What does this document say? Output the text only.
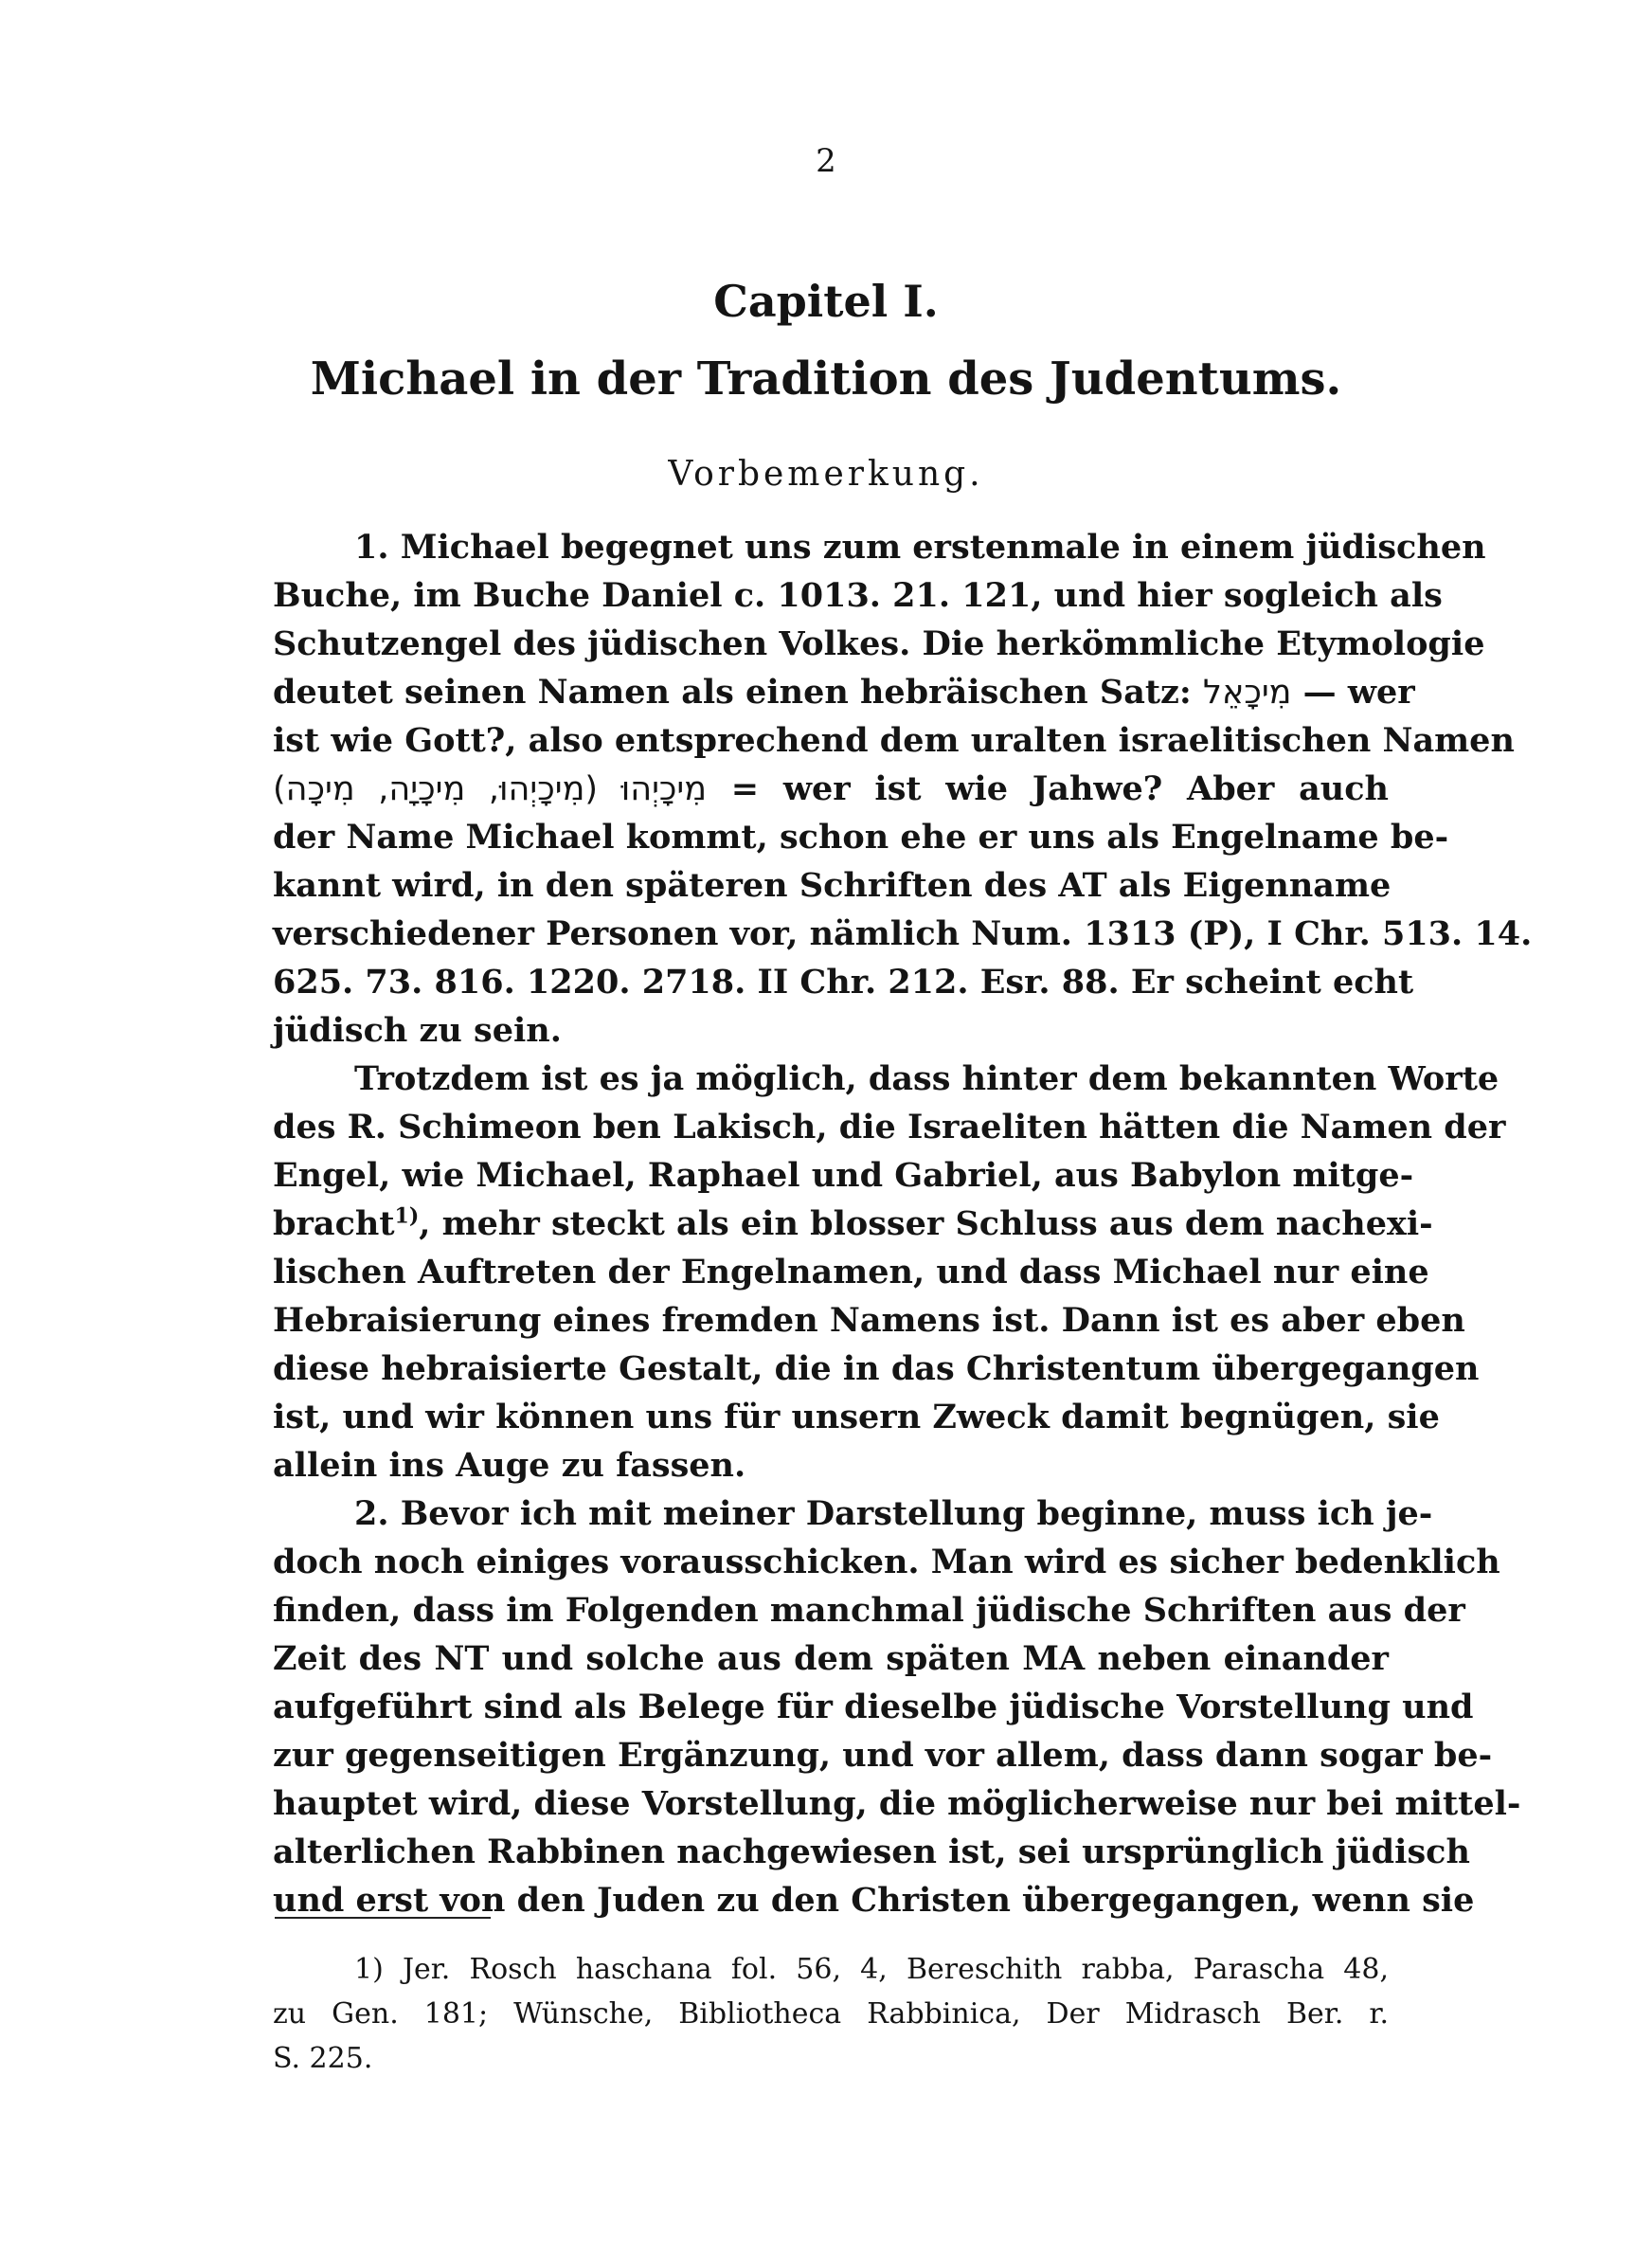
2
Capitel I.
Michael in der Tradition des Judentums.
Vorbemerkung.
1. Michael begegnet uns zum erstenmale in einem jüdischen
Buche, im Buche Daniel c. 1013. 21. 121, und hier sogleich als
Schutzengel des jüdischen Volkes. Die herkömmliche Etymologie
deutet seinen Namen als einen hebräischen Satz: מִיכָאֵל — wer
ist wie Gott?, also entsprechend dem uralten israelitischen Namen
מִיכָיְהוּ (מִיכָיְהוּ, מִיכָיָה, מִיכָה) = wer ist wie Jahwe? Aber auch
der Name Michael kommt, schon ehe er uns als Engelname be-
kannt wird, in den späteren Schriften des AT als Eigenname
verschiedener Personen vor, nämlich Num. 1313 (P), I Chr. 513. 14.
625. 73. 816. 1220. 2718. II Chr. 212. Esr. 88. Er scheint echt
jüdisch zu sein.
Trotzdem ist es ja möglich, dass hinter dem bekannten Worte
des R. Schimeon ben Lakisch, die Israeliten hätten die Namen der
Engel, wie Michael, Raphael und Gabriel, aus Babylon mitge-
bracht$^{1)}$, mehr steckt als ein blosser Schluss aus dem nachexi-
lischen Auftreten der Engelnamen, und dass Michael nur eine
Hebraisierung eines fremden Namens ist. Dann ist es aber eben
diese hebraisierte Gestalt, die in das Christentum übergegangen
ist, und wir können uns für unsern Zweck damit begnügen, sie
allein ins Auge zu fassen.
2. Bevor ich mit meiner Darstellung beginne, muss ich je-
doch noch einiges vorausschicken. Man wird es sicher bedenklich
finden, dass im Folgenden manchmal jüdische Schriften aus der
Zeit des NT und solche aus dem späten MA neben einander
aufgeführt sind als Belege für dieselbe jüdische Vorstellung und
zur gegenseitigen Ergänzung, und vor allem, dass dann sogar be-
hauptet wird, diese Vorstellung, die möglicherweise nur bei mittel-
alterlichen Rabbinen nachgewiesen ist, sei ursprünglich jüdisch
und erst von den Juden zu den Christen übergegangen, wenn sie
1) Jer. Rosch haschana fol. 56, 4, Bereschith rabba, Parascha 48,
zu Gen. 181; Wünsche, Bibliotheca Rabbinica, Der Midrasch Ber. r.
S. 225.
